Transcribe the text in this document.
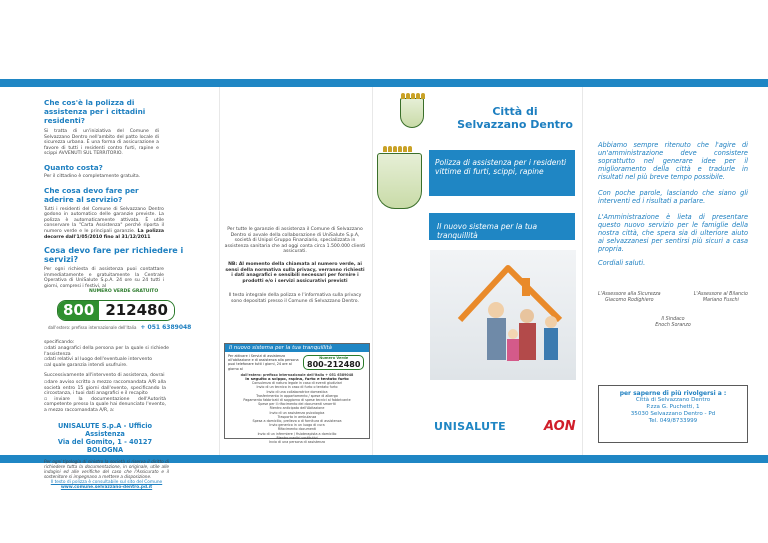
Che cos'è la polizza di assistenza per i cittadini residenti?
Si tratta di un'iniziativa del Comune di Selvazzano Dentro nell'ambito del patto locale di sicurezza urbana. È una forma di assicurazione a favore di tutti i residenti contro furti, rapine e scippi AVVENUTI SUL TERRITORIO.
Quanto costa?
Per il cittadino è completamente gratuita.
Che cosa devo fare per aderire al servizio?
Tutti i residenti del Comune di Selvazzano Dentro godono in automatico delle garanzie previste. La polizza è automaticamente attivata. È utile conservare la "Carta Assistenza" perché riporta il numero verde e le principali garanzie. La polizza decorre dall'1/05/2010 fino al 31/12/2011
Cosa devo fare per richiedere i servizi?
Per ogni richiesta di assistenza puoi contattare immediatamente e gratuitamente la Centrale Operativa di UniSalute S.p.A. 24 ore su 24 tutti i giorni, compresi i festivi, al
NUMERO VERDE GRATUITO
800 212480
dall'estero: prefisso internazionale dell'Italia + 051 6389048
specificando:
▫dati anagrafici della persona per la quale si richiede l'assistenza
▫dati relativi al luogo dell'eventuale intervento
▫al quale garanzia intendi usufruire.
Successivamente all'intervento di assistenza, dovrai
▫dare avviso scritto a mezzo raccomandata A/R alla società entro 15 giorni dall'evento, specificando la circostanza, i tuoi dati anagrafici e il recapito
▫inviare la documentazione dell'Autorità competente presso la quale hai denunciato l'evento, a mezzo raccomandata A/R, a:
UNISALUTE S.p.A - Ufficio Assistenza
Via del Gomito, 1 - 40127 BOLOGNA
Per ogni tipologia di sinistro la società si riserva il diritto di richiedere tutta la documentazione, in originale, utile alle indagini ed alle verifiche del caso che l'Assicurato e il sostenitore si impegnano a mettere a disposizione.
Il testo di polizza è consultabile sul sito del Comune
www.comune.selvazzano-dentro.pd.it
Per tutte le garanzie di assistenza il Comune di Selvazzano Dentro si avvale della collaborazione di UniSalute S.p.A, società di Unipol Gruppo Finanziario, specializzata in assistenza sanitaria che ad oggi conta circa 1.500.000 clienti assicurati.
NB: Al momento della chiamata al numero verde, ai sensi della normativa sulla privacy, verranno richiesti i dati anagrafici e sensibili necessari per fornire i prodotti e/o i servizi assicurativi previsti
Il testo integrale della polizza e l'informativa sulla privacy sono depositati presso il Comune di Selvazzano Dentro.
Il nuovo sistema per la tua tranquillità
Per attivare i Servizi di assistenza all'abitazione e di assistenza alla persona puoi telefonare tutti i giorni, 24 ore al giorno al
Numero Verde
800-212480
dall'estero: prefisso internazionale dell'Italia + 051 6389048
In seguito a scippo, rapina, furto e tentato furto
Consulenza di natura legale in caso di eventi giudiziari
Invio di un tecnico in caso di furto o tentato furto
Invio di una collaboratrice domestica
Trasferimento in appartamento / spese di albergo
Pagamento fabbricati di soggiorno di spese tecnici al fabbricante
Spese per il rifacimento dei documenti smarriti
Rientro anticipato dell'Abitazione
Invio di un assistenza psicologica
Trasporto in ambulanza
Spesa a domicilio, prelievo o di fornitura di assistenza
Invio generico in un luogo di cura
Rifacimento documenti
Invio di un infermiere / fisioterapista a domicilio
Rientro medici sostitutivi
Invio di una persona di assistenza
Città di
Selvazzano Dentro
Polizza di assistenza per i residenti vittime di furti, scippi, rapine
Il nuovo sistema per la tua tranquillità
UNISALUTE	AON
Abbiamo sempre ritenuto che l'agire di un'amministrazione deve consistere soprattutto nel generare idee per il miglioramento della città e tradurle in risultati nel più breve tempo possibile.
Con poche parole, lasciando che siano gli interventi ed i risultati a parlare.
L'Amministrazione è lieta di presentare questo nuovo servizio per le famiglie della nostra città, che spera sia di ulteriore aiuto ai selvazzanesi per sentirsi più sicuri a casa propria.
Cordiali saluti.
L'Assessore alla Sicurezza
Giacomo Rodighiero
L'Assessore al Bilancio
Mariano Fuschi
Il Sindaco
Enoch Soranzo
per saperne di più rivolgersi a :
Città di Selvazzano Dentro
P.zza G. Puchetti, 1
35030 Selvazzano Dentro - Pd
Tel. 049/8733999
